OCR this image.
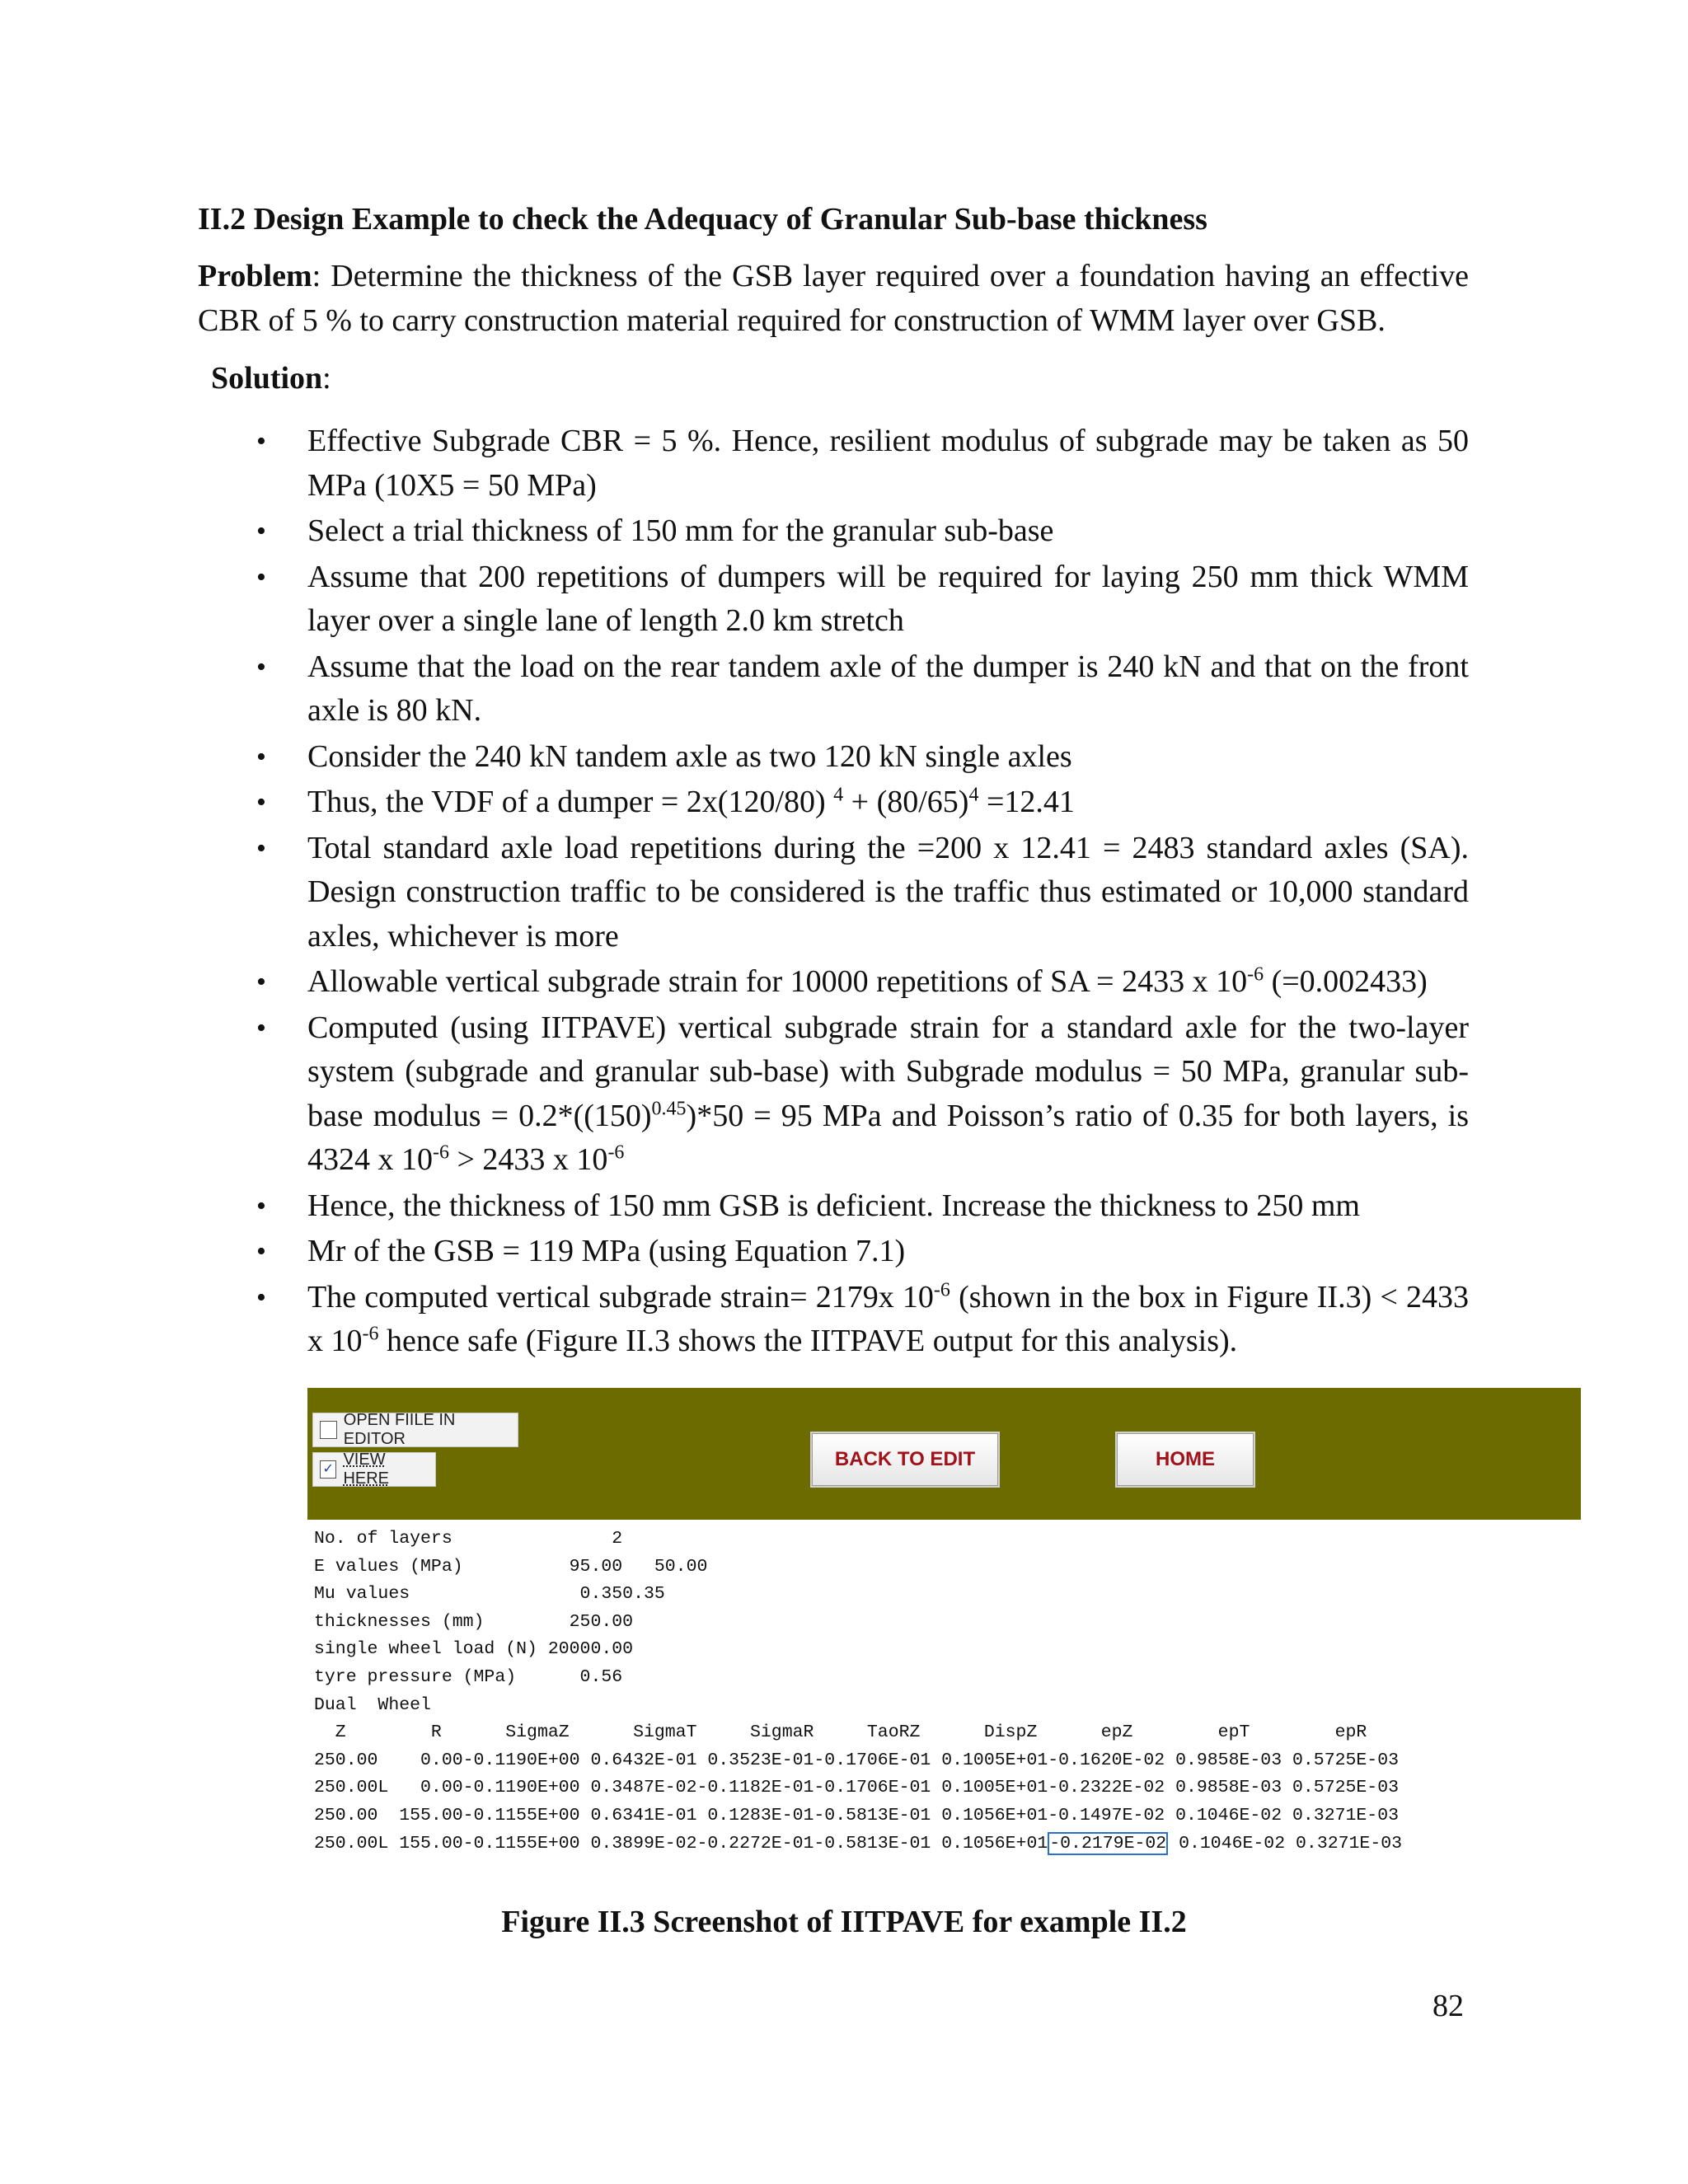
II.2 Design Example to check the Adequacy of Granular Sub-base thickness
Problem: Determine the thickness of the GSB layer required over a foundation having an effective CBR of 5 % to carry construction material required for construction of WMM layer over GSB.
Solution:
• Effective Subgrade CBR = 5 %. Hence, resilient modulus of subgrade may be taken as 50 MPa (10X5 = 50 MPa)
• Select a trial thickness of 150 mm for the granular sub-base
• Assume that 200 repetitions of dumpers will be required for laying 250 mm thick WMM layer over a single lane of length 2.0 km stretch
• Assume that the load on the rear tandem axle of the dumper is 240 kN and that on the front axle is 80 kN.
• Consider the 240 kN tandem axle as two 120 kN single axles
• Thus, the VDF of a dumper = 2x(120/80) $^4 + (80/65)^4 =12.41$
• Total standard axle load repetitions during the =200 x 12.41 = 2483 standard axles (SA). Design construction traffic to be considered is the traffic thus estimated or 10,000 standard axles, whichever is more
• Allowable vertical subgrade strain for 10000 repetitions of SA = 2433 x $10^{-6}$ (=0.002433)
• Computed (using IITPAVE) vertical subgrade strain for a standard axle for the two-layer system (subgrade and granular sub-base) with Subgrade modulus = 50 MPa, granular sub-base modulus = $0.2*((150)^{0.45})*50 = 95$ MPa and Poisson’s ratio of 0.35 for both layers, is 4324 x $10^{-6} > 2433$ x $10^{-6}$
• Hence, the thickness of 150 mm GSB is deficient. Increase the thickness to 250 mm
• Mr of the GSB = 119 MPa (using Equation 7.1)
• The computed vertical subgrade strain= 2179x $10^{-6}$ (shown in the box in Figure II.3) < 2433 x $10^{-6}$ hence safe (Figure II.3 shows the IITPAVE output for this analysis).
OPEN FIILE IN EDITOR
✓
VIEW HERE
BACK TO EDIT	HOME
No. of layers               2
E values (MPa)          95.00   50.00
Mu values                0.350.35
thicknesses (mm)        250.00
single wheel load (N) 20000.00
tyre pressure (MPa)      0.56
Dual  Wheel
Z        R      SigmaZ      SigmaT     SigmaR     TaoRZ      DispZ      epZ        epT        epR
250.00    0.00-0.1190E+00 0.6432E-01 0.3523E-01-0.1706E-01 0.1005E+01-0.1620E-02 0.9858E-03 0.5725E-03
250.00L   0.00-0.1190E+00 0.3487E-02-0.1182E-01-0.1706E-01 0.1005E+01-0.2322E-02 0.9858E-03 0.5725E-03
250.00  155.00-0.1155E+00 0.6341E-01 0.1283E-01-0.5813E-01 0.1056E+01-0.1497E-02 0.1046E-02 0.3271E-03
250.00L 155.00-0.1155E+00 0.3899E-02-0.2272E-01-0.5813E-01 0.1056E+01-0.2179E-02 0.1046E-02 0.3271E-03
Figure II.3 Screenshot of IITPAVE for example II.2
82
